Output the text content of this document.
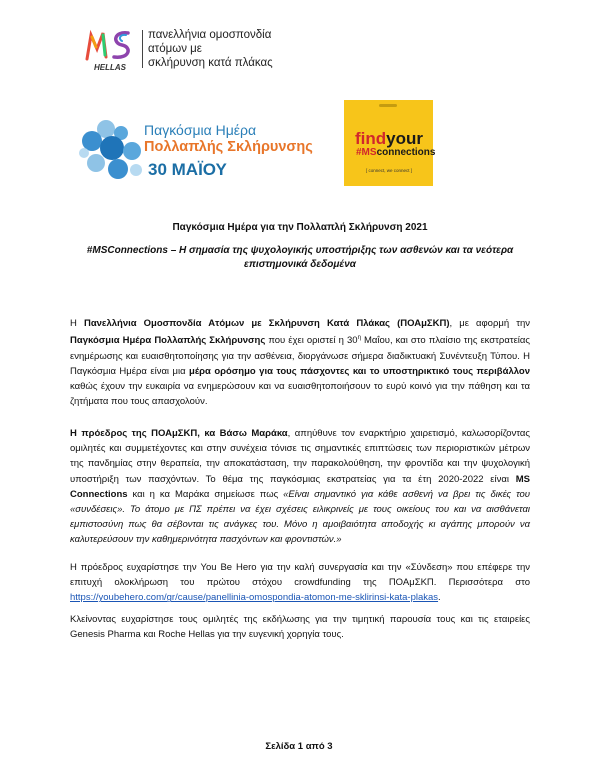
HELLAS
πανελλήνια ομοσπονδία
ατόμων με
σκλήρυνση κατά πλάκας
Παγκόσμια Ημέρα
Πολλαπλής Σκλήρυνσης
30 ΜΑΪΟΥ
findyour
#MSconnections
[ connect, we connect ]
Παγκόσμια Ημέρα για την Πολλαπλή Σκλήρυνση 2021
#MSConnections – Η σημασία της ψυχολογικής υποστήριξης των ασθενών και τα νεότερα
επιστημονικά δεδομένα
Η Πανελλήνια Ομοσπονδία Ατόμων με Σκλήρυνση Κατά Πλάκας (ΠΟΑμΣΚΠ), με αφορμή την Παγκόσμια Ημέρα Πολλαπλής Σκλήρυνσης που έχει οριστεί η $30^\eta$ Μαΐου, και στο πλαίσιο της εκστρατείας ενημέρωσης και ευαισθητοποίησης για την ασθένεια, διοργάνωσε σήμερα διαδικτυακή Συνέντευξη Τύπου. Η Παγκόσμια Ημέρα είναι μια μέρα ορόσημο για τους πάσχοντες και το υποστηρικτικό τους περιβάλλον καθώς έχουν την ευκαιρία να ενημερώσουν και να ευαισθητοποιήσουν το ευρύ κοινό για την πάθηση και τα ζητήματα που τους απασχολούν.
Η πρόεδρος της ΠΟΑμΣΚΠ, κα Βάσω Μαράκα, απηύθυνε τον εναρκτήριο χαιρετισμό, καλωσορίζοντας ομιλητές και συμμετέχοντες και στην συνέχεια τόνισε τις σημαντικές επιπτώσεις των περιοριστικών μέτρων της πανδημίας στην θεραπεία, την αποκατάσταση, την παρακολούθηση, την φροντίδα και την ψυχολογική υποστήριξη των πασχόντων. Το θέμα της παγκόσμιας εκστρατείας για τα έτη 2020-2022 είναι MS Connections και η κα Μαράκα σημείωσε πως «Είναι σημαντικό για κάθε ασθενή να βρει τις δικές του «συνδέσεις». Το άτομο με ΠΣ πρέπει να έχει σχέσεις ειλικρινείς με τους οικείους του και να αισθάνεται εμπιστοσύνη πως θα σέβονται τις ανάγκες του. Μόνο η αμοιβαιότητα αποδοχής κι αγάπης μπορούν να καλυτερεύσουν την καθημερινότητα πασχόντων και φροντιστών.»
Η πρόεδρος ευχαρίστησε την You Be Hero για την καλή συνεργασία και την «Σύνδεση» που επέφερε την επιτυχή ολοκλήρωση του πρώτου στόχου crowdfunding της ΠΟΑμΣΚΠ. Περισσότερα στο https://youbehero.com/gr/cause/panellinia-omospondia-atomon-me-sklirinsi-kata-plakas.
Κλείνοντας ευχαρίστησε τους ομιλητές της εκδήλωσης για την τιμητική παρουσία τους και τις εταιρείες Genesis Pharma και Roche Hellas για την ευγενική χορηγία τους.
Σελίδα 1 από 3
